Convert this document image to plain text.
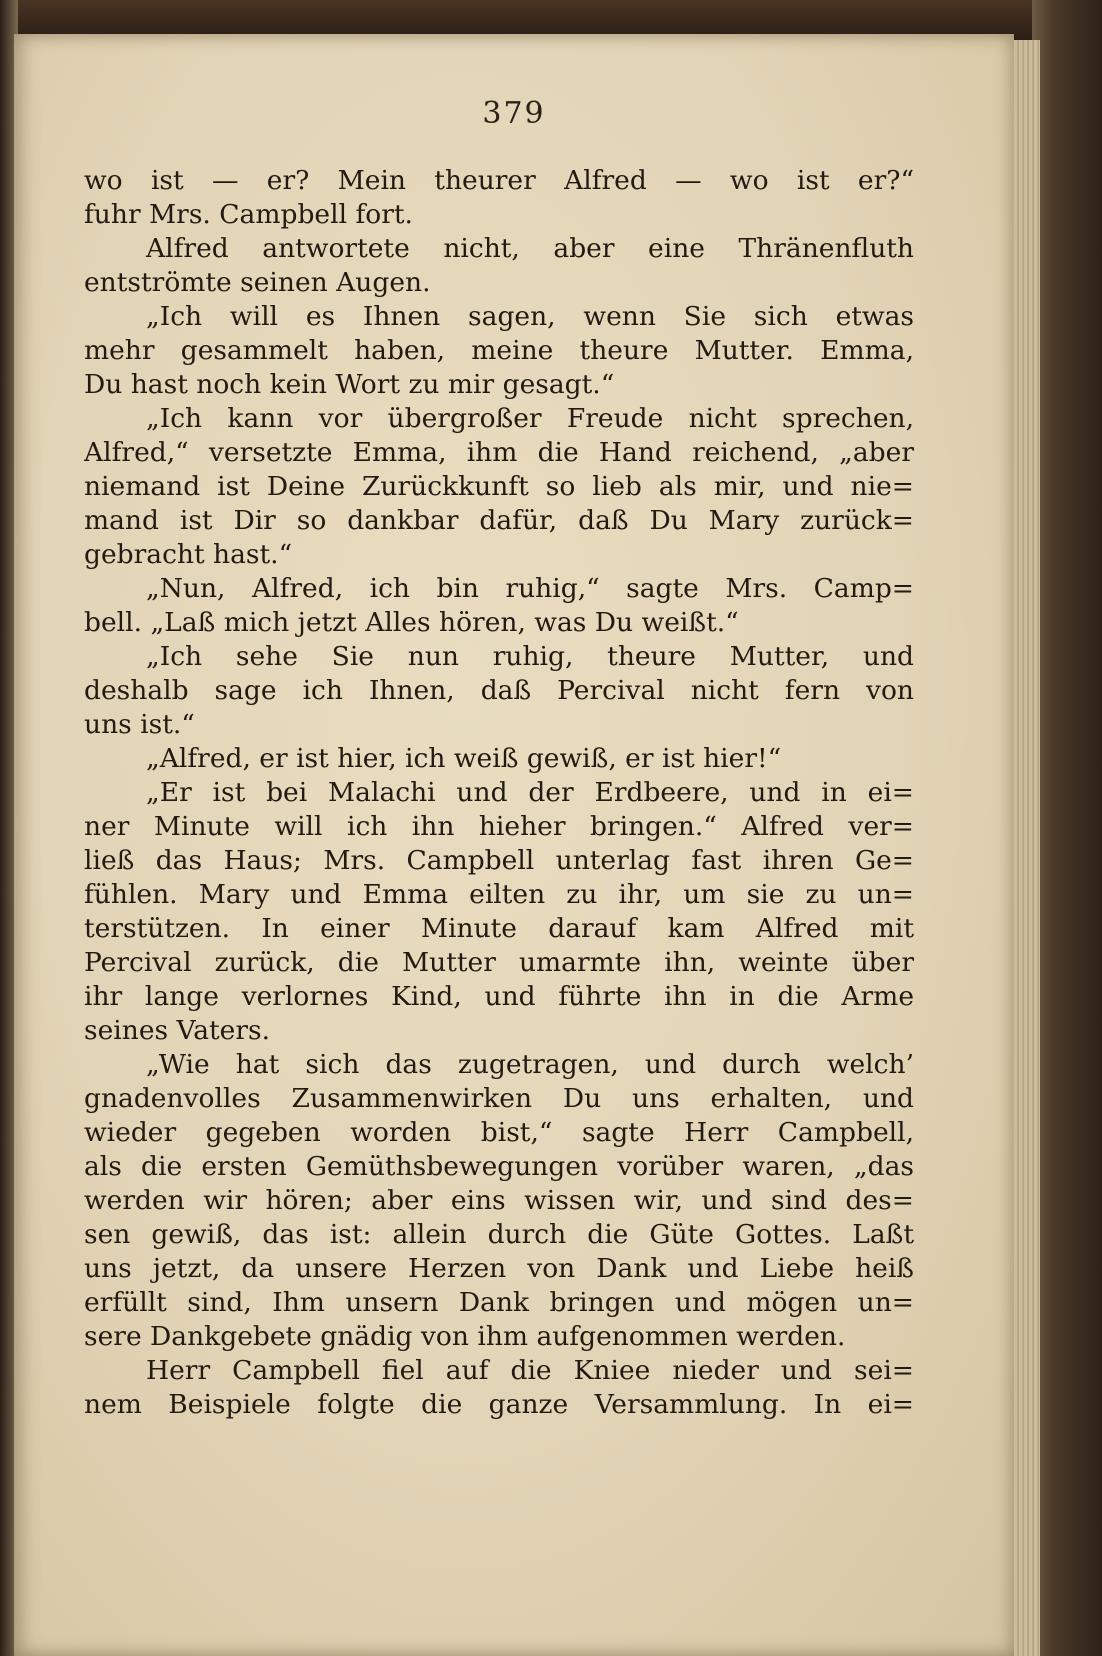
379
wo ist — er? Mein theurer Alfred — wo ist er?“
fuhr Mrs. Campbell fort.
Alfred antwortete nicht, aber eine Thränenfluth
entströmte seinen Augen.
„Ich will es Ihnen sagen, wenn Sie sich etwas
mehr gesammelt haben, meine theure Mutter. Emma,
Du hast noch kein Wort zu mir gesagt.“
„Ich kann vor übergroßer Freude nicht sprechen,
Alfred,“ versetzte Emma, ihm die Hand reichend, „aber
niemand ist Deine Zurückkunft so lieb als mir, und nie=
mand ist Dir so dankbar dafür, daß Du Mary zurück=
gebracht hast.“
„Nun, Alfred, ich bin ruhig,“ sagte Mrs. Camp=
bell. „Laß mich jetzt Alles hören, was Du weißt.“
„Ich sehe Sie nun ruhig, theure Mutter, und
deshalb sage ich Ihnen, daß Percival nicht fern von
uns ist.“
„Alfred, er ist hier, ich weiß gewiß, er ist hier!“
„Er ist bei Malachi und der Erdbeere, und in ei=
ner Minute will ich ihn hieher bringen.“ Alfred ver=
ließ das Haus; Mrs. Campbell unterlag fast ihren Ge=
fühlen. Mary und Emma eilten zu ihr, um sie zu un=
terstützen. In einer Minute darauf kam Alfred mit
Percival zurück, die Mutter umarmte ihn, weinte über
ihr lange verlornes Kind, und führte ihn in die Arme
seines Vaters.
„Wie hat sich das zugetragen, und durch welch’
gnadenvolles Zusammenwirken Du uns erhalten, und
wieder gegeben worden bist,“ sagte Herr Campbell,
als die ersten Gemüthsbewegungen vorüber waren, „das
werden wir hören; aber eins wissen wir, und sind des=
sen gewiß, das ist: allein durch die Güte Gottes. Laßt
uns jetzt, da unsere Herzen von Dank und Liebe heiß
erfüllt sind, Ihm unsern Dank bringen und mögen un=
sere Dankgebete gnädig von ihm aufgenommen werden.
Herr Campbell fiel auf die Kniee nieder und sei=
nem Beispiele folgte die ganze Versammlung. In ei=
